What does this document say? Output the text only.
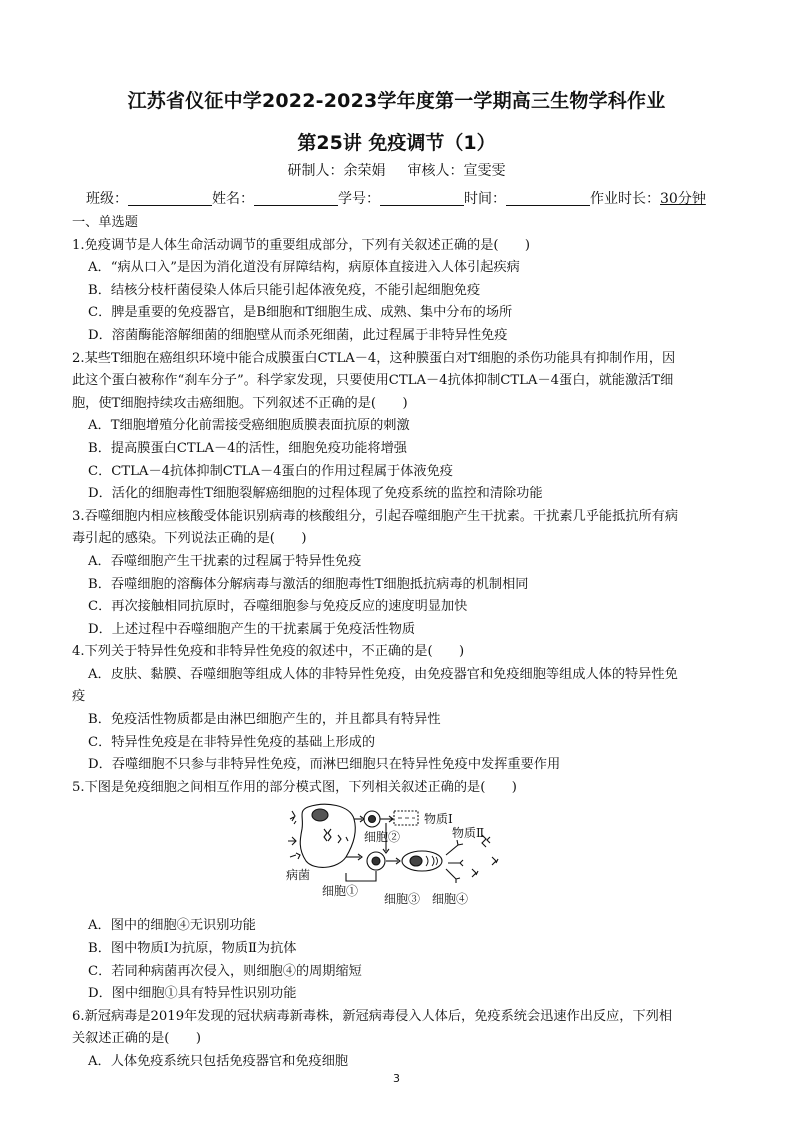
江苏省仪征中学2022-2023学年度第一学期高三生物学科作业
第25讲 免疫调节（1）
研制人：余荣娟 审核人：宣雯雯
班级：	姓名：	学号：	时间：	作业时长：30分钟

一、单选题

1.免疫调节是人体生命活动调节的重要组成部分，下列有关叙述正确的是(　　)

A．“病从口入”是因为消化道没有屏障结构，病原体直接进入人体引起疾病

B．结核分枝杆菌侵染人体后只能引起体液免疫，不能引起细胞免疫

C．脾是重要的免疫器官，是B细胞和T细胞生成、成熟、集中分布的场所

D．溶菌酶能溶解细菌的细胞壁从而杀死细菌，此过程属于非特异性免疫

2.某些T细胞在癌组织环境中能合成膜蛋白CTLA－4，这种膜蛋白对T细胞的杀伤功能具有抑制作用，因

此这个蛋白被称作“刹车分子”。科学家发现，只要使用CTLA－4抗体抑制CTLA－4蛋白，就能激活T细

胞，使T细胞持续攻击癌细胞。下列叙述不正确的是(　　)

A．T细胞增殖分化前需接受癌细胞质膜表面抗原的刺激

B．提高膜蛋白CTLA－4的活性，细胞免疫功能将增强

C．CTLA－4抗体抑制CTLA－4蛋白的作用过程属于体液免疫

D．活化的细胞毒性T细胞裂解癌细胞的过程体现了免疫系统的监控和清除功能

3.吞噬细胞内相应核酸受体能识别病毒的核酸组分，引起吞噬细胞产生干扰素。干扰素几乎能抵抗所有病

毒引起的感染。下列说法正确的是(　　)

A．吞噬细胞产生干扰素的过程属于特异性免疫

B．吞噬细胞的溶酶体分解病毒与激活的细胞毒性T细胞抵抗病毒的机制相同

C．再次接触相同抗原时，吞噬细胞参与免疫反应的速度明显加快

D．上述过程中吞噬细胞产生的干扰素属于免疫活性物质

4.下列关于特异性免疫和非特异性免疫的叙述中，不正确的是(　　)

A．皮肤、黏膜、吞噬细胞等组成人体的非特异性免疫，由免疫器官和免疫细胞等组成人体的特异性免

疫

B．免疫活性物质都是由淋巴细胞产生的，并且都具有特异性

C．特异性免疫是在非特异性免疫的基础上形成的

D．吞噬细胞不只参与非特异性免疫，而淋巴细胞只在特异性免疫中发挥重要作用

5.下图是免疫细胞之间相互作用的部分模式图，下列相关叙述正确的是(　　)

物质Ⅰ
细胞②	物质Ⅱ
病菌
细胞①
细胞③ 细胞④

A．图中的细胞④无识别功能

B．图中物质Ⅰ为抗原，物质Ⅱ为抗体

C．若同种病菌再次侵入，则细胞④的周期缩短

D．图中细胞①具有特异性识别功能

6.新冠病毒是2019年发现的冠状病毒新毒株，新冠病毒侵入人体后，免疫系统会迅速作出反应，下列相

关叙述正确的是(　　)

A．人体免疫系统只包括免疫器官和免疫细胞

3
